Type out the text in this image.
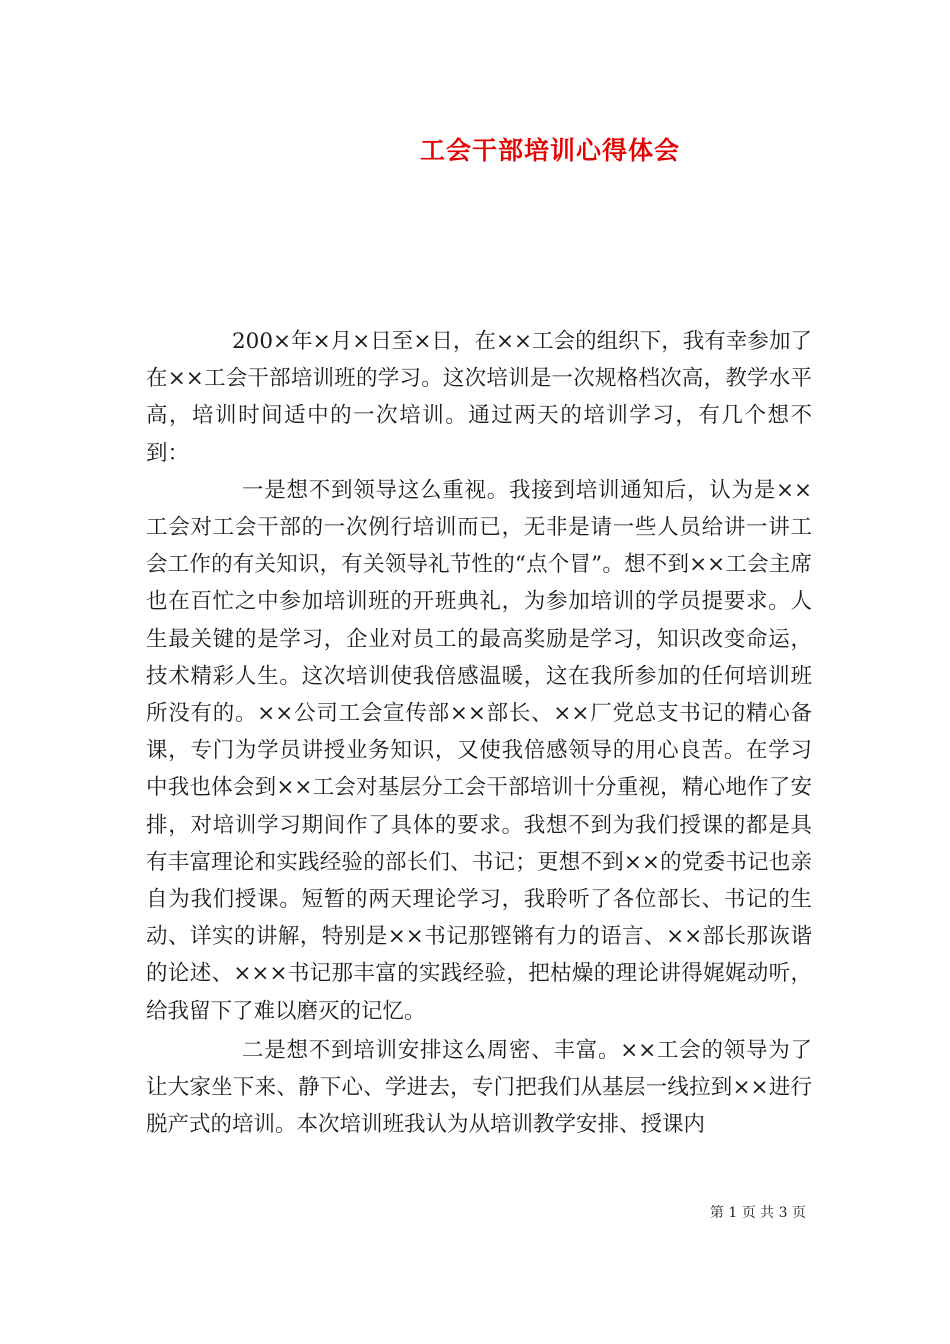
工会干部培训心得体会

200×年×月×日至×日，在××工会的组织下，我有幸参加了在××工会干部培训班的学习。这次培训是一次规格档次高，教学水平高，培训时间适中的一次培训。通过两天的培训学习，有几个想不到：

一是想不到领导这么重视。我接到培训通知后，认为是××工会对工会干部的一次例行培训而已，无非是请一些人员给讲一讲工会工作的有关知识，有关领导礼节性的“点个冒”。想不到××工会主席也在百忙之中参加培训班的开班典礼，为参加培训的学员提要求。人生最关键的是学习，企业对员工的最高奖励是学习，知识改变命运，技术精彩人生。这次培训使我倍感温暖，这在我所参加的任何培训班所没有的。××公司工会宣传部××部长、××厂党总支书记的精心备课，专门为学员讲授业务知识，又使我倍感领导的用心良苦。在学习中我也体会到××工会对基层分工会干部培训十分重视，精心地作了安排，对培训学习期间作了具体的要求。我想不到为我们授课的都是具有丰富理论和实践经验的部长们、书记；更想不到××的党委书记也亲自为我们授课。短暂的两天理论学习，我聆听了各位部长、书记的生动、详实的讲解，特别是××书记那铿锵有力的语言、××部长那诙谐的论述、×××书记那丰富的实践经验，把枯燥的理论讲得娓娓动听，给我留下了难以磨灭的记忆。

二是想不到培训安排这么周密、丰富。××工会的领导为了让大家坐下来、静下心、学进去，专门把我们从基层一线拉到××进行脱产式的培训。本次培训班我认为从培训教学安排、授课内

第 1 页 共 3 页
